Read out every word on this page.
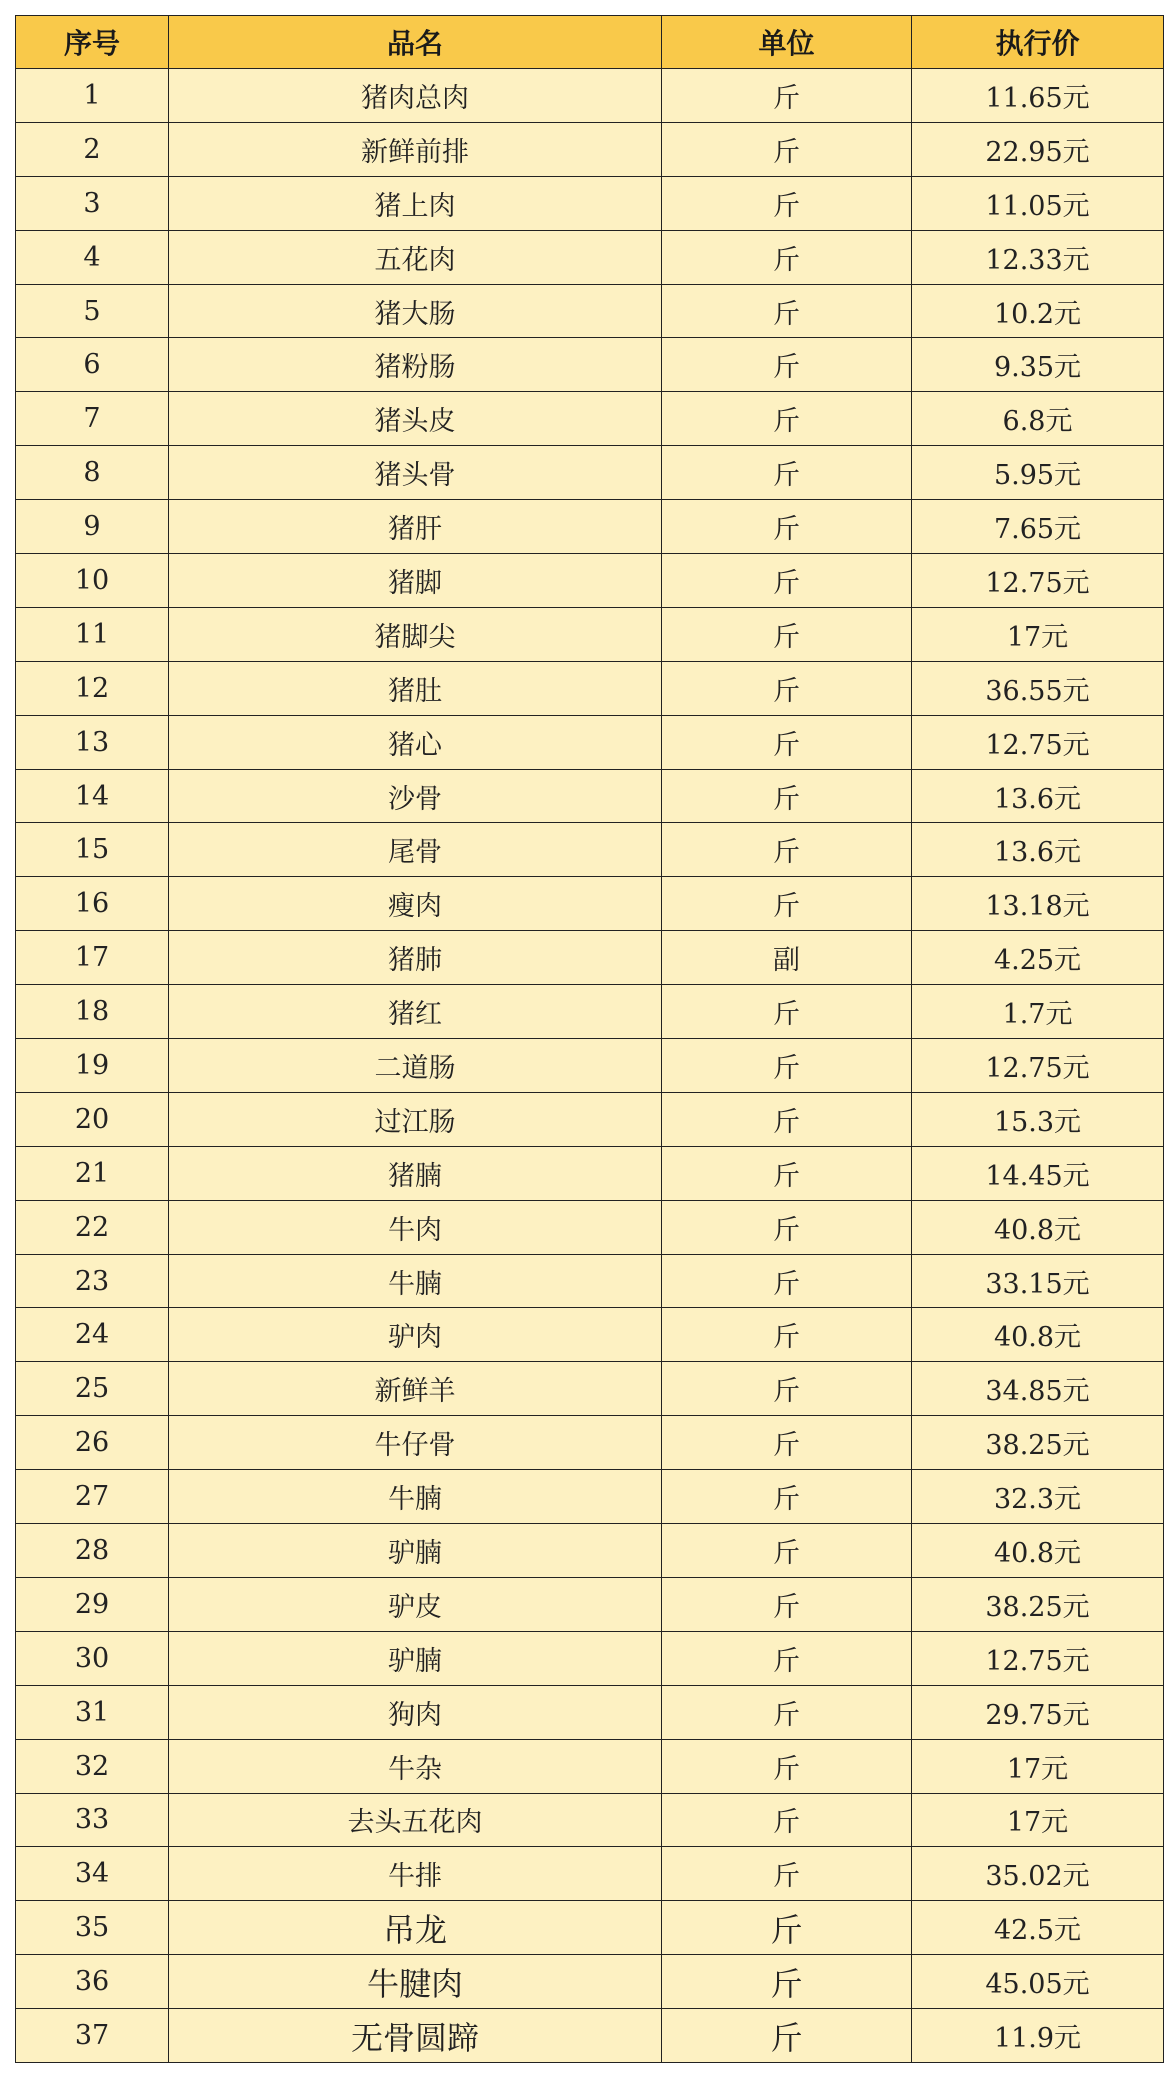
序号	品名	单位	执行价
1	猪肉总肉	斤	11.65元
2	新鲜前排	斤	22.95元
3	猪上肉	斤	11.05元
4	五花肉	斤	12.33元
5	猪大肠	斤	10.2元
6	猪粉肠	斤	9.35元
7	猪头皮	斤	6.8元
8	猪头骨	斤	5.95元
9	猪肝	斤	7.65元
10	猪脚	斤	12.75元
11	猪脚尖	斤	17元
12	猪肚	斤	36.55元
13	猪心	斤	12.75元
14	沙骨	斤	13.6元
15	尾骨	斤	13.6元
16	瘦肉	斤	13.18元
17	猪肺	副	4.25元
18	猪红	斤	1.7元
19	二道肠	斤	12.75元
20	过江肠	斤	15.3元
21	猪腩	斤	14.45元
22	牛肉	斤	40.8元
23	牛腩	斤	33.15元
24	驴肉	斤	40.8元
25	新鲜羊	斤	34.85元
26	牛仔骨	斤	38.25元
27	牛腩	斤	32.3元
28	驴腩	斤	40.8元
29	驴皮	斤	38.25元
30	驴腩	斤	12.75元
31	狗肉	斤	29.75元
32	牛杂	斤	17元
33	去头五花肉	斤	17元
34	牛排	斤	35.02元
35	吊龙	斤	42.5元
36	牛腱肉	斤	45.05元
37	无骨圆蹄	斤	11.9元
